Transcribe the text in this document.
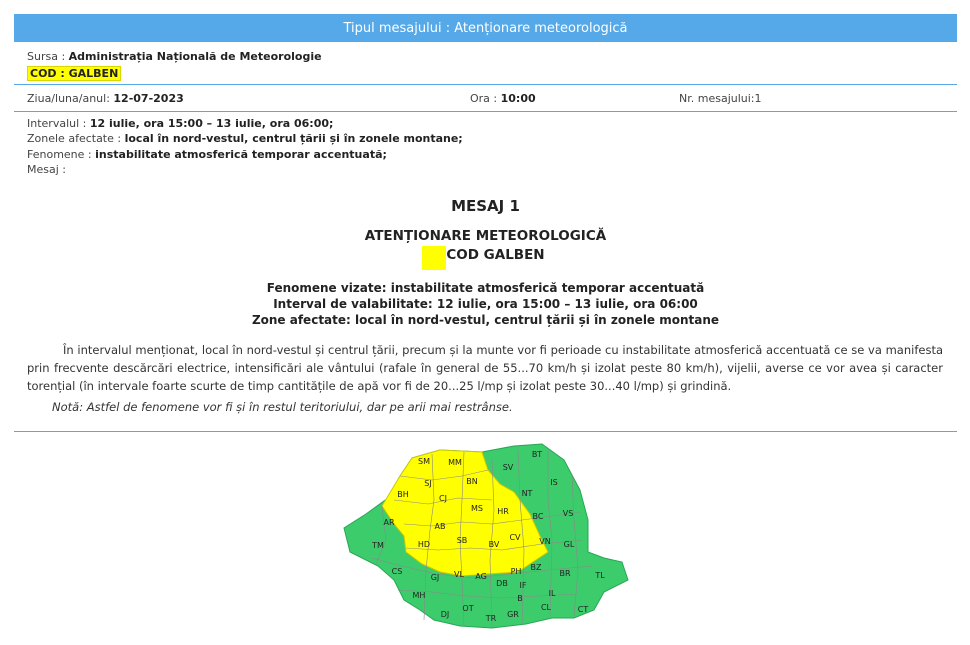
Tipul mesajului : Atenționare meteorologică
Sursa : Administrația Națională de Meteorologie
COD : GALBEN
Ziua/luna/anul: 12-07-2023	Ora : 10:00	Nr. mesajului:1
Intervalul : 12 iulie, ora 15:00 – 13 iulie, ora 06:00;
Zonele afectate : local în nord-vestul, centrul țării și în zonele montane;
Fenomene : instabilitate atmosferică temporar accentuată;
Mesaj :
MESAJ 1
ATENȚIONARE METEOROLOGICĂ
COD GALBEN
Fenomene vizate: instabilitate atmosferică temporar accentuată
Interval de valabilitate: 12 iulie, ora 15:00 – 13 iulie, ora 06:00
Zone afectate: local în nord-vestul, centrul țării și în zonele montane
În intervalul menționat, local în nord-vestul și centrul țării, precum și la munte vor fi perioade cu instabilitate atmosferică accentuată ce se va manifesta prin frecvente descărcări electrice, intensificări ale vântului (rafale în general de 55...70 km/h și izolat peste 80 km/h), vijelii, averse ce vor avea și caracter torențial (în intervale foarte scurte de timp cantitățile de apă vor fi de 20...25 l/mp și izolat peste 30...40 l/mp) și grindină.
Notă: Astfel de fenomene vor fi și în restul teritoriului, dar pe arii mai restrânse.
SM MM
SV
BT
SJ	BN	IS
BH	CJ
NT
MS HR
BC VS
AR	AB
CV
SB	BV	VN GL
TM	HD
BZ
BR	TL
CS
GJ VL AG
PH
DB IF
IL
MH
OT	CL	CT
DJ	TR GR
B
